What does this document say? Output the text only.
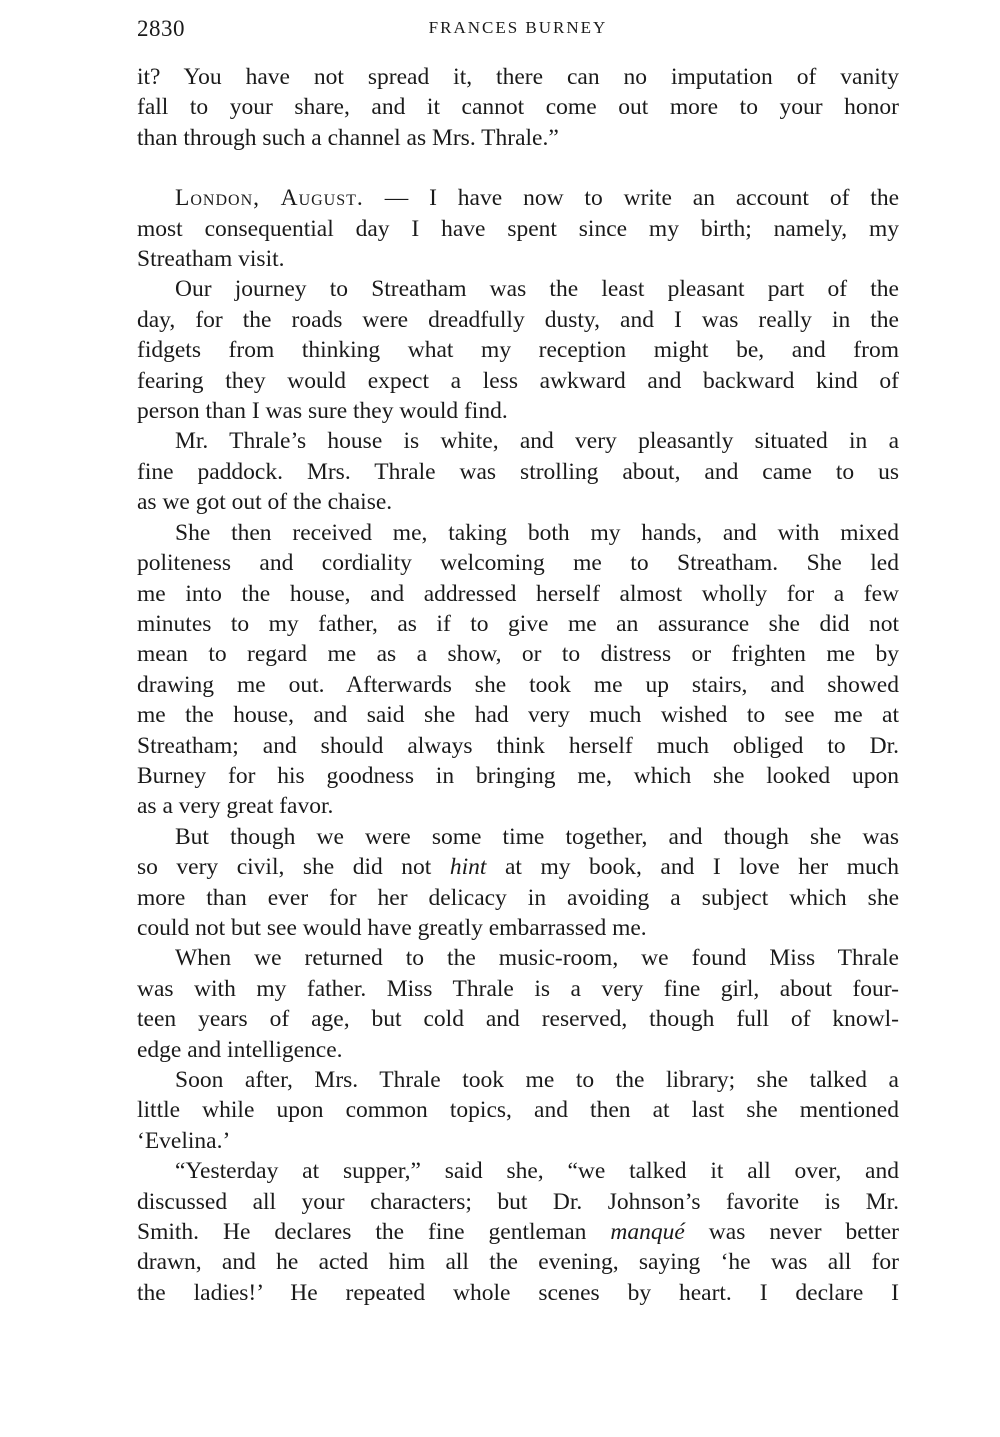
2830	FRANCES BURNEY

it? You have not spread it, there can no imputation of vanity
fall to your share, and it cannot come out more to your honor
than through such a channel as Mrs. Thrale.”

London, August. — I have now to write an account of the
most consequential day I have spent since my birth; namely, my
Streatham visit.

Our journey to Streatham was the least pleasant part of the
day, for the roads were dreadfully dusty, and I was really in the
fidgets from thinking what my reception might be, and from
fearing they would expect a less awkward and backward kind of
person than I was sure they would find.

Mr. Thrale’s house is white, and very pleasantly situated in a
fine paddock. Mrs. Thrale was strolling about, and came to us
as we got out of the chaise.

She then received me, taking both my hands, and with mixed
politeness and cordiality welcoming me to Streatham. She led
me into the house, and addressed herself almost wholly for a few
minutes to my father, as if to give me an assurance she did not
mean to regard me as a show, or to distress or frighten me by
drawing me out. Afterwards she took me up stairs, and showed
me the house, and said she had very much wished to see me at
Streatham; and should always think herself much obliged to Dr.
Burney for his goodness in bringing me, which she looked upon
as a very great favor.

But though we were some time together, and though she was
so very civil, she did not hint at my book, and I love her much
more than ever for her delicacy in avoiding a subject which she
could not but see would have greatly embarrassed me.

When we returned to the music-room, we found Miss Thrale
was with my father. Miss Thrale is a very fine girl, about four-
teen years of age, but cold and reserved, though full of knowl-
edge and intelligence.

Soon after, Mrs. Thrale took me to the library; she talked a
little while upon common topics, and then at last she mentioned
‘Evelina.’

“Yesterday at supper,” said she, “we talked it all over, and
discussed all your characters; but Dr. Johnson’s favorite is Mr.
Smith. He declares the fine gentleman manqué was never better
drawn, and he acted him all the evening, saying ‘he was all for
the ladies!’ He repeated whole scenes by heart. I declare I
